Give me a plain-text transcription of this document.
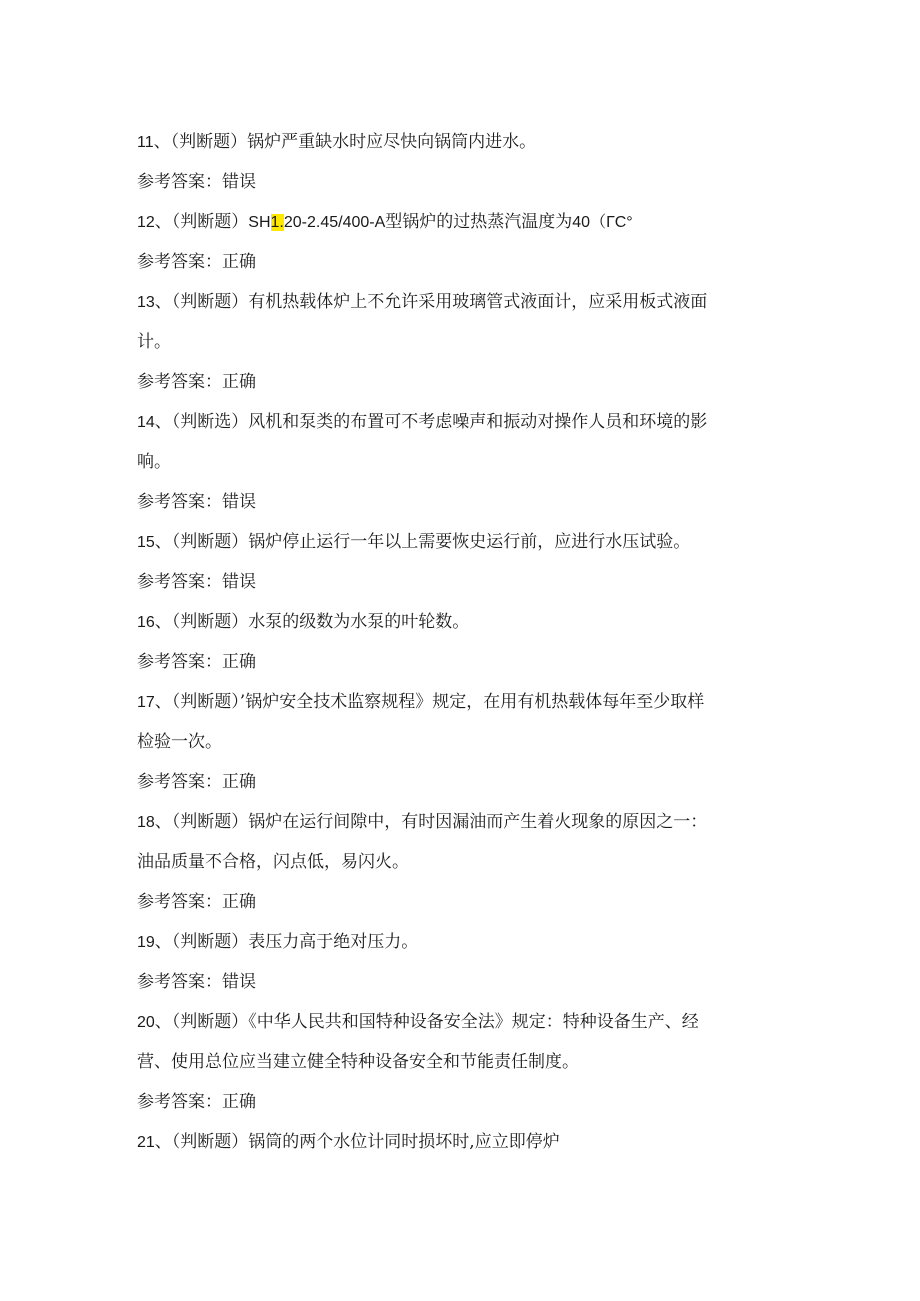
11、（判断题）锅炉严重缺水时应尽快向锅筒内进水。
参考答案：错误
12、（判断题）SH1.20-2.45/400-A型锅炉的过热蒸汽温度为40（ГC°
参考答案：正确
13、（判断题）有机热载体炉上不允许采用玻璃管式液面计，应采用板式液面
计。
参考答案：正确
14、（判断选）风机和泵类的布置可不考虑噪声和振动对操作人员和环境的影
响。
参考答案：错误
15、（判断题）锅炉停止运行一年以上需要恢史运行前，应进行水压试验。
参考答案：错误
16、（判断题）水泵的级数为水泵的叶轮数。
参考答案：正确
17、（判断题）’锅炉安全技术监察规程》规定，在用有机热载体每年至少取样
检验一次。
参考答案：正确
18、（判断题）锅炉在运行间隙中，有时因漏油而产生着火现象的原因之一：
油品质量不合格，闪点低，易闪火。
参考答案：正确
19、（判断题）表压力高于绝对压力。
参考答案：错误
20、（判断题）《中华人民共和国特种设备安全法》规定：特种设备生产、经
营、使用总位应当建立健全特种设备安全和节能责任制度。
参考答案：正确
21、（判断题）锅筒的两个水位计同时损坏时,应立即停炉
